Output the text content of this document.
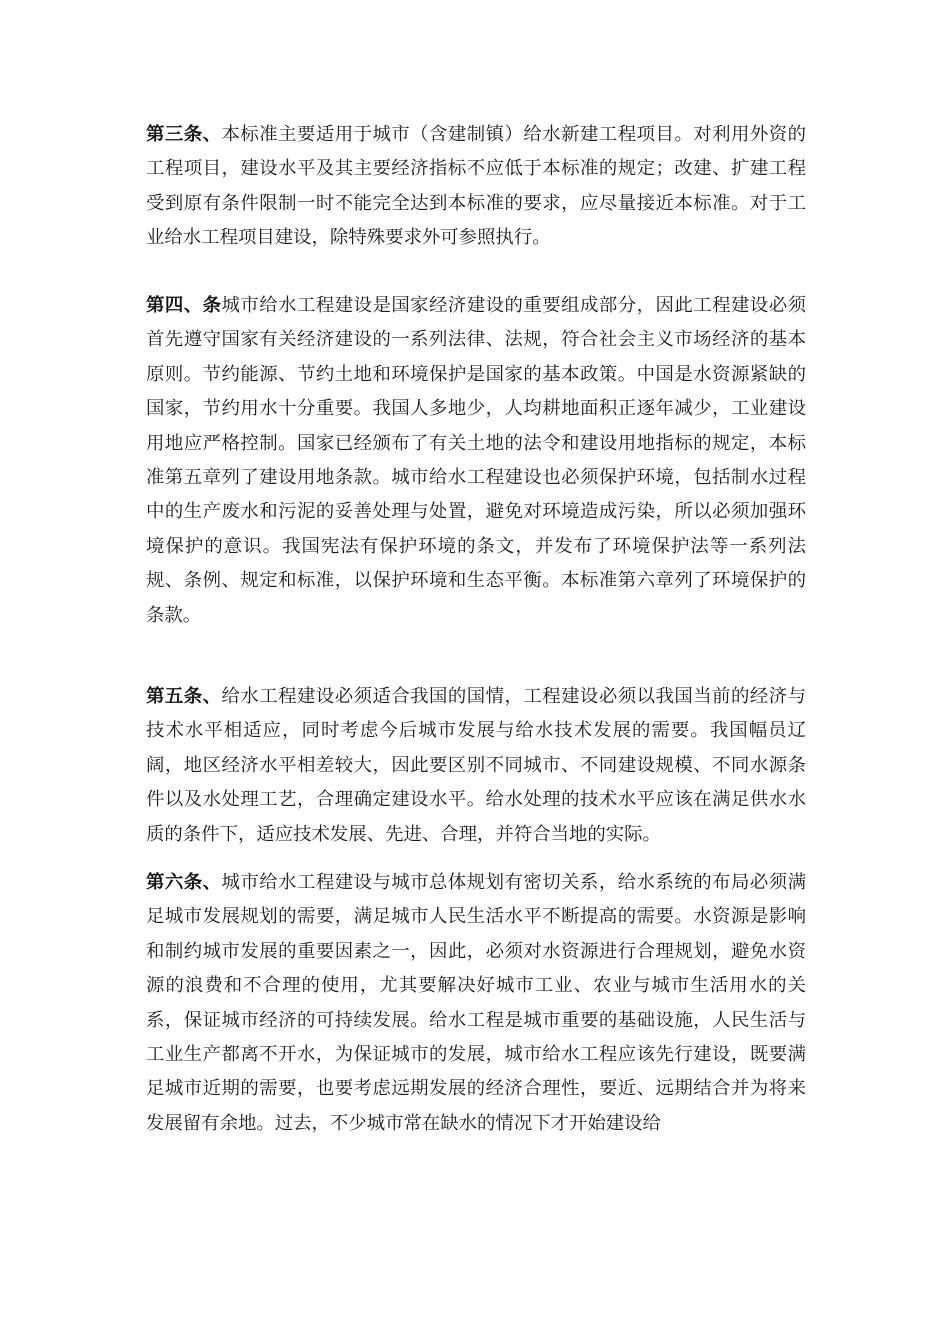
第三条、本标准主要适用于城市（含建制镇）给水新建工程项目。对利用外资的工程项目，建设水平及其主要经济指标不应低于本标准的规定；改建、扩建工程受到原有条件限制一时不能完全达到本标准的要求，应尽量接近本标准。对于工业给水工程项目建设，除特殊要求外可参照执行。

第四、条城市给水工程建设是国家经济建设的重要组成部分，因此工程建设必须首先遵守国家有关经济建设的一系列法律、法规，符合社会主义市场经济的基本原则。节约能源、节约土地和环境保护是国家的基本政策。中国是水资源紧缺的国家，节约用水十分重要。我国人多地少，人均耕地面积正逐年减少，工业建设用地应严格控制。国家已经颁布了有关土地的法令和建设用地指标的规定，本标准第五章列了建设用地条款。城市给水工程建设也必须保护环境，包括制水过程中的生产废水和污泥的妥善处理与处置，避免对环境造成污染，所以必须加强环境保护的意识。我国宪法有保护环境的条文，并发布了环境保护法等一系列法规、条例、规定和标准，以保护环境和生态平衡。本标准第六章列了环境保护的条款。

第五条、给水工程建设必须适合我国的国情，工程建设必须以我国当前的经济与技术水平相适应，同时考虑今后城市发展与给水技术发展的需要。我国幅员辽阔，地区经济水平相差较大，因此要区别不同城市、不同建设规模、不同水源条件以及水处理工艺，合理确定建设水平。给水处理的技术水平应该在满足供水水质的条件下，适应技术发展、先进、合理，并符合当地的实际。

第六条、城市给水工程建设与城市总体规划有密切关系，给水系统的布局必须满足城市发展规划的需要，满足城市人民生活水平不断提高的需要。水资源是影响和制约城市发展的重要因素之一，因此，必须对水资源进行合理规划，避免水资源的浪费和不合理的使用，尤其要解决好城市工业、农业与城市生活用水的关系，保证城市经济的可持续发展。给水工程是城市重要的基础设施，人民生活与工业生产都离不开水，为保证城市的发展，城市给水工程应该先行建设，既要满足城市近期的需要，也要考虑远期发展的经济合理性，要近、远期结合并为将来发展留有余地。过去，不少城市常在缺水的情况下才开始建设给
